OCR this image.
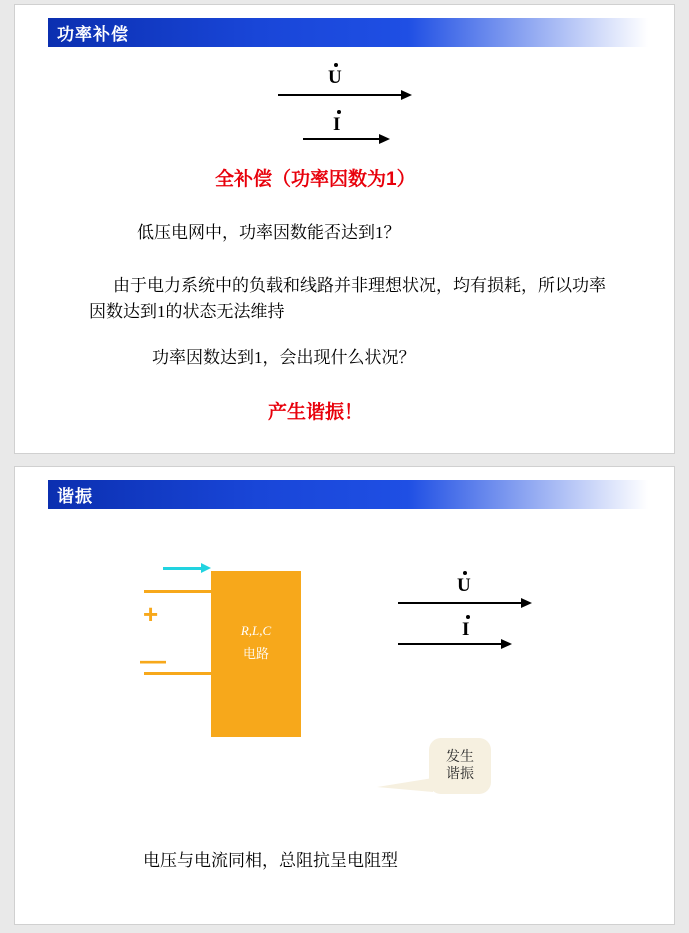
功率补偿
U
I
全补偿（功率因数为1）
低压电网中，功率因数能否达到1？
由于电力系统中的负载和线路并非理想状况，均有损耗，所以功率因数达到1的状态无法维持
功率因数达到1，会出现什么状况？
产生谐振！
谐振
R,L,C
电路
+
—
U
I
发生
谐振
电压与电流同相，总阻抗呈电阻型
